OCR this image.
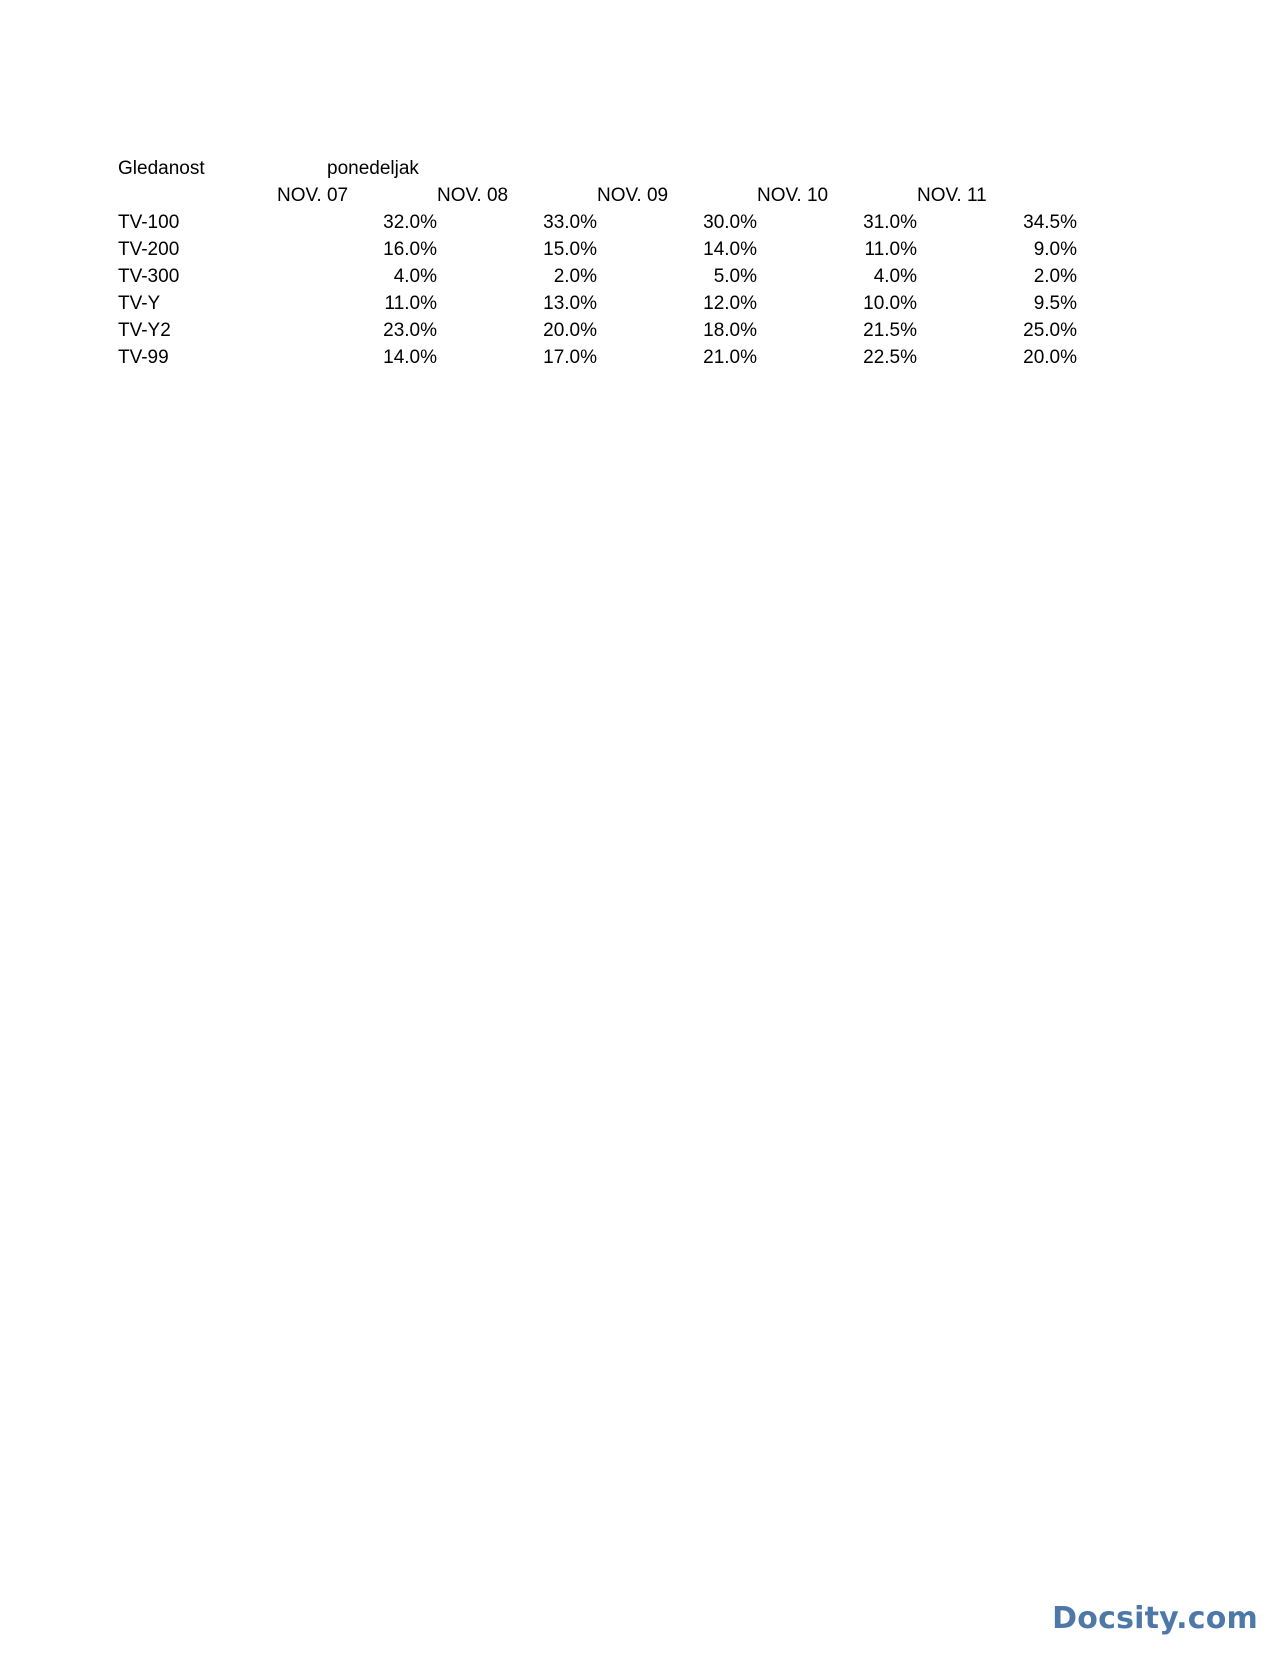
Gledanost	ponedeljak
NOV. 07	NOV. 08	NOV. 09	NOV. 10	NOV. 11
TV-100	32.0%	33.0%	30.0%	31.0%	34.5%
TV-200	16.0%	15.0%	14.0%	11.0%	9.0%
TV-300	4.0%	2.0%	5.0%	4.0%	2.0%
TV-Y	11.0%	13.0%	12.0%	10.0%	9.5%
TV-Y2	23.0%	20.0%	18.0%	21.5%	25.0%
TV-99	14.0%	17.0%	21.0%	22.5%	20.0%
Docsity.com
